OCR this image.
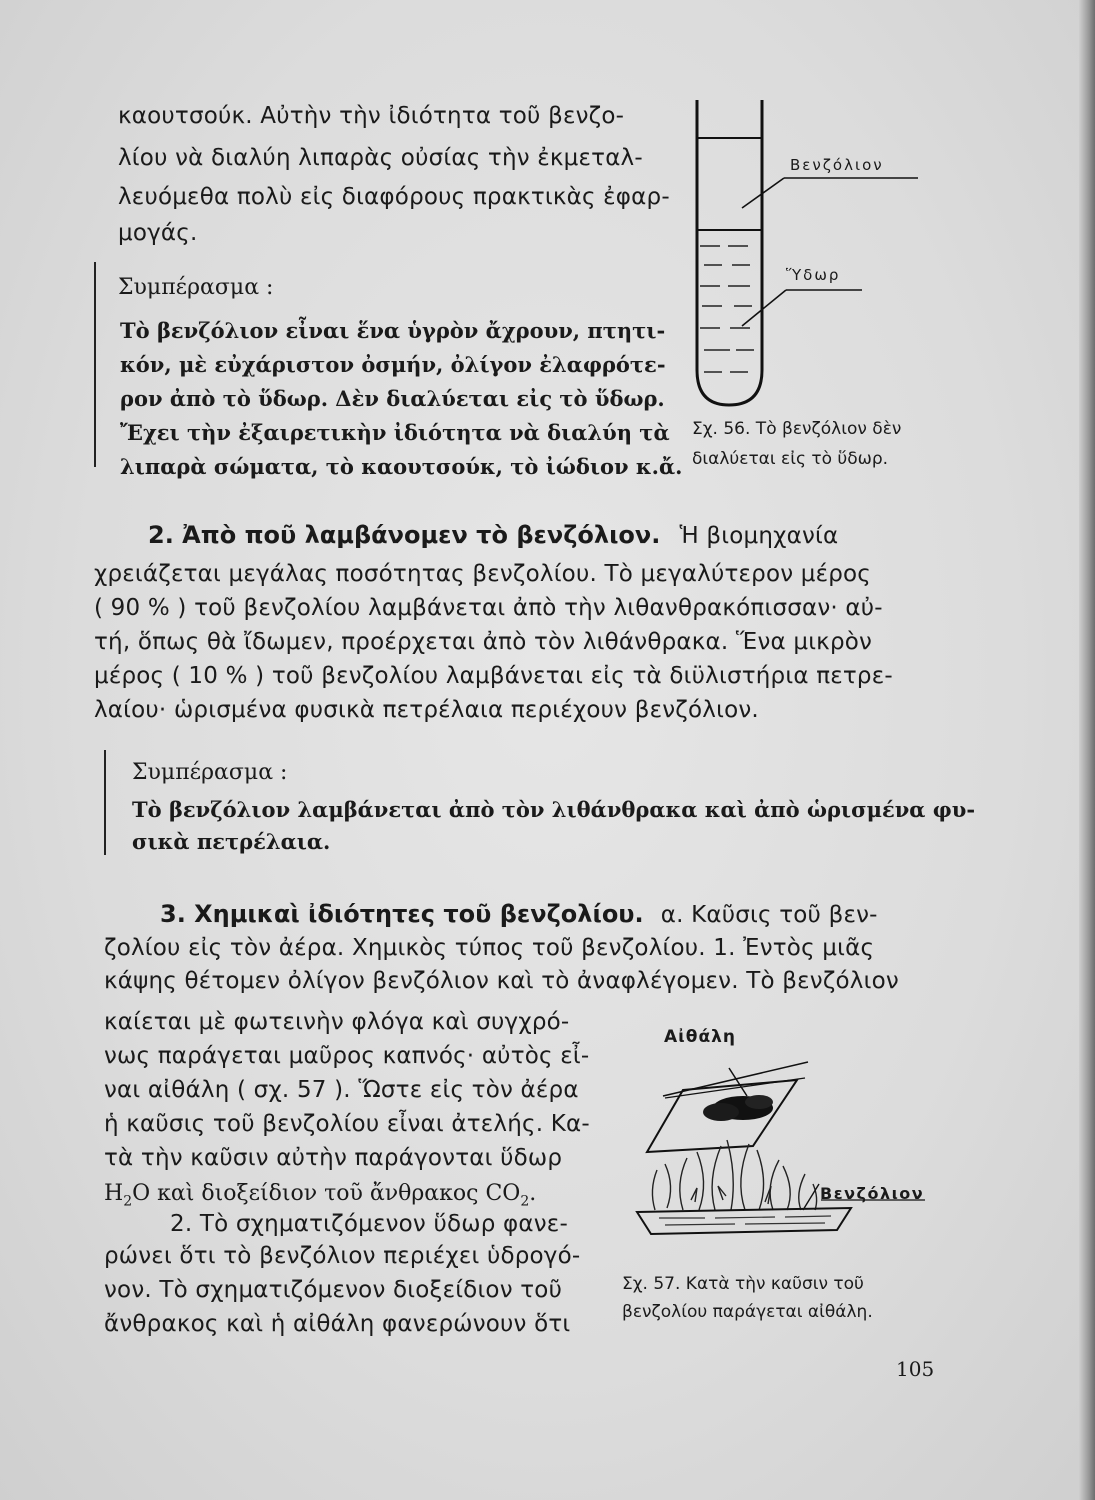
καουτσούκ. Αὐτὴν τὴν ἰδιότητα τοῦ βενζο-
λίου νὰ διαλύη λιπαρὰς οὐσίας τὴν ἐκμεταλ-
λευόμεθα πολὺ εἰς διαφόρους πρακτικὰς ἐφαρ-
μογάς.
Συμπέρασμα :
Τὸ βενζόλιον εἶναι ἕνα ὑγρὸν ἄχρουν, πτητι-
κόν, μὲ εὐχάριστον ὀσμήν, ὀλίγον ἐλαφρότε-
ρον ἀπὸ τὸ ὕδωρ. Δὲν διαλύεται εἰς τὸ ὕδωρ.
Ἔχει τὴν ἐξαιρετικὴν ἰδιότητα νὰ διαλύη τὰ
λιπαρὰ σώματα, τὸ καουτσούκ, τὸ ἰώδιον κ.ἄ.
Βενζόλιον
Ὕδωρ
Σχ. 56. Τὸ βενζόλιον δὲν
διαλύεται εἰς τὸ ὕδωρ.
2. Ἀπὸ ποῦ λαμβάνομεν τὸ βενζόλιον. Ἡ βιομηχανία
χρειάζεται μεγάλας ποσότητας βενζολίου. Τὸ μεγαλύτερον μέρος
( 90 % ) τοῦ βενζολίου λαμβάνεται ἀπὸ τὴν λιθανθρακόπισσαν· αὐ-
τή, ὅπως θὰ ἴδωμεν, προέρχεται ἀπὸ τὸν λιθάνθρακα. Ἕνα μικρὸν
μέρος ( 10 % ) τοῦ βενζολίου λαμβάνεται εἰς τὰ διϋλιστήρια πετρε-
λαίου· ὡρισμένα φυσικὰ πετρέλαια περιέχουν βενζόλιον.
Συμπέρασμα :
Τὸ βενζόλιον λαμβάνεται ἀπὸ τὸν λιθάνθρακα καὶ ἀπὸ ὡρισμένα φυ-
σικὰ πετρέλαια.
3. Χημικαὶ ἰδιότητες τοῦ βενζολίου. α. Καῦσις τοῦ βεν-
ζολίου εἰς τὸν ἀέρα. Χημικὸς τύπος τοῦ βενζολίου. 1. Ἐντὸς μιᾶς
κάψης θέτομεν ὀλίγον βενζόλιον καὶ τὸ ἀναφλέγομεν. Τὸ βενζόλιον
καίεται μὲ φωτεινὴν φλόγα καὶ συγχρό-
νως παράγεται μαῦρος καπνός· αὐτὸς εἶ-
ναι αἰθάλη ( σχ. 57 ). Ὥστε εἰς τὸν ἀέρα
ἡ καῦσις τοῦ βενζολίου εἶναι ἀτελής. Κα-
τὰ τὴν καῦσιν αὐτὴν παράγονται ὕδωρ
$H_2O$ καὶ διοξείδιον τοῦ ἄνθρακος $CO_2$.
2. Τὸ σχηματιζόμενον ὕδωρ φανε-
ρώνει ὅτι τὸ βενζόλιον περιέχει ὑδρογό-
νον. Τὸ σχηματιζόμενον διοξείδιον τοῦ
ἄνθρακος καὶ ἡ αἰθάλη φανερώνουν ὅτι
Αἰθάλη
Βενζόλιον
Σχ. 57. Κατὰ τὴν καῦσιν τοῦ
βενζολίου παράγεται αἰθάλη.
105
